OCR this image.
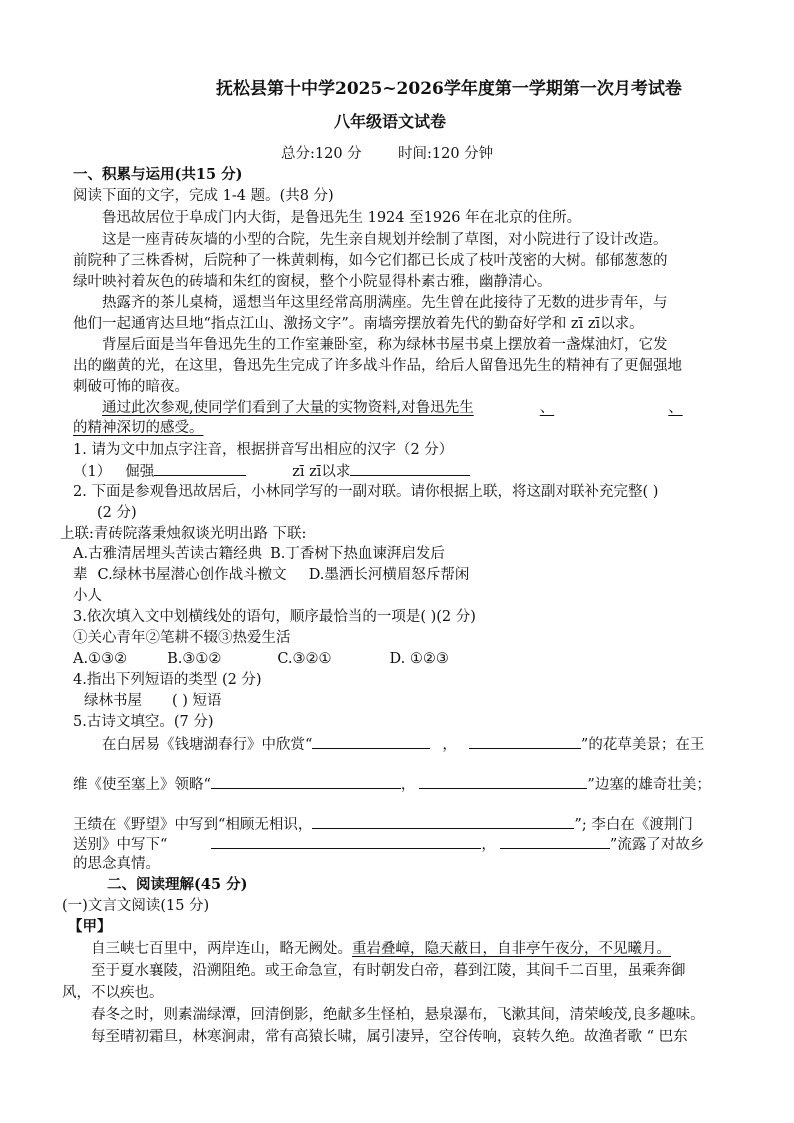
抚松县第十中学2025~2026学年度第一学期第一次月考试卷
八年级语文试卷
总分:120 分	时间:120 分钟
一、积累与运用(共15 分)
阅读下面的文字，完成 1-4 题。(共8 分)
鲁迅故居位于阜成门内大街，是鲁迅先生 1924 至1926 年在北京的住所。
这是一座青砖灰墙的小型的合院，先生亲自规划并绘制了草图，对小院进行了设计改造。
前院种了三株香树，后院种了一株黄刺梅，如今它们都已长成了枝叶茂密的大树。郁郁葱葱的
绿叶映衬着灰色的砖墙和朱红的窗棂，整个小院显得朴素古雅，幽静清心。
热露齐的茶儿桌椅，遥想当年这里经常高朋满座。先生曾在此接待了无数的进步青年，与
他们一起通宵达旦地“指点江山、激扬文字”。南墙旁摆放着先代的勤奋好学和 zī zī以求。
背屋后面是当年鲁迅先生的工作室兼卧室，称为绿林书屋书桌上摆放着一盏煤油灯，它发
出的幽黄的光，在这里，鲁迅先生完成了许多战斗作品，给后人留鲁迅先生的精神有了更倔强地
刺破可怖的暗夜。
通过此次参观,使同学们看到了大量的实物资料,对鲁迅先生	、	、
的精神深切的感受。
1. 请为文中加点字注音，根据拼音写出相应的汉字（2 分）
（1） 倔强	zī zī以求
2. 下面是参观鲁迅故居后，小林同学写的一副对联。请你根据上联，将这副对联补充完整( )
(2 分)
上联:青砖院落秉烛叙谈光明出路 下联:
A.古雅清居埋头苦读古籍经典 B.丁香树下热血谏湃启发后
辈 C.绿林书屋潜心创作战斗檄文 D.墨洒长河横眉怒斥帮闲
小人
3.依次填入文中划横线处的语句，顺序最恰当的一项是( )(2 分)
①关心青年②笔耕不辍③热爱生活
A.①③②	B.③①②	C.③②①	D. ①②③
4.指出下列短语的类型 (2 分)
绿林书屋 ( ) 短语
5.古诗文填空。(7 分)
在白居易《钱塘湖春行》中欣赏“	，	”的花草美景；在王
维《使至塞上》领略“	，	”边塞的雄奇壮美；
王绩在《野望》中写到“相顾无相识，	”; 李白在《渡荆门
送别》中写下“	，	”流露了对故乡
的思念真情。
二、阅读理解(45 分)
(一)文言文阅读(15 分)
【甲】
自三峡七百里中，两岸连山，略无阙处。重岩叠嶂，隐天蔽日，自非亭午夜分，不见曦月。
至于夏水襄陵，沿溯阻绝。或王命急宣，有时朝发白帝，暮到江陵，其间千二百里，虽乘奔御
风，不以疾也。
春冬之时，则素湍绿潭，回清倒影，绝献多生怪柏，悬泉瀑布，飞漱其间，清荣峻茂,良多趣味。
每至晴初霜旦，林寒涧肃，常有高猿长啸，属引凄异，空谷传响，哀转久绝。故渔者歌 “ 巴东
